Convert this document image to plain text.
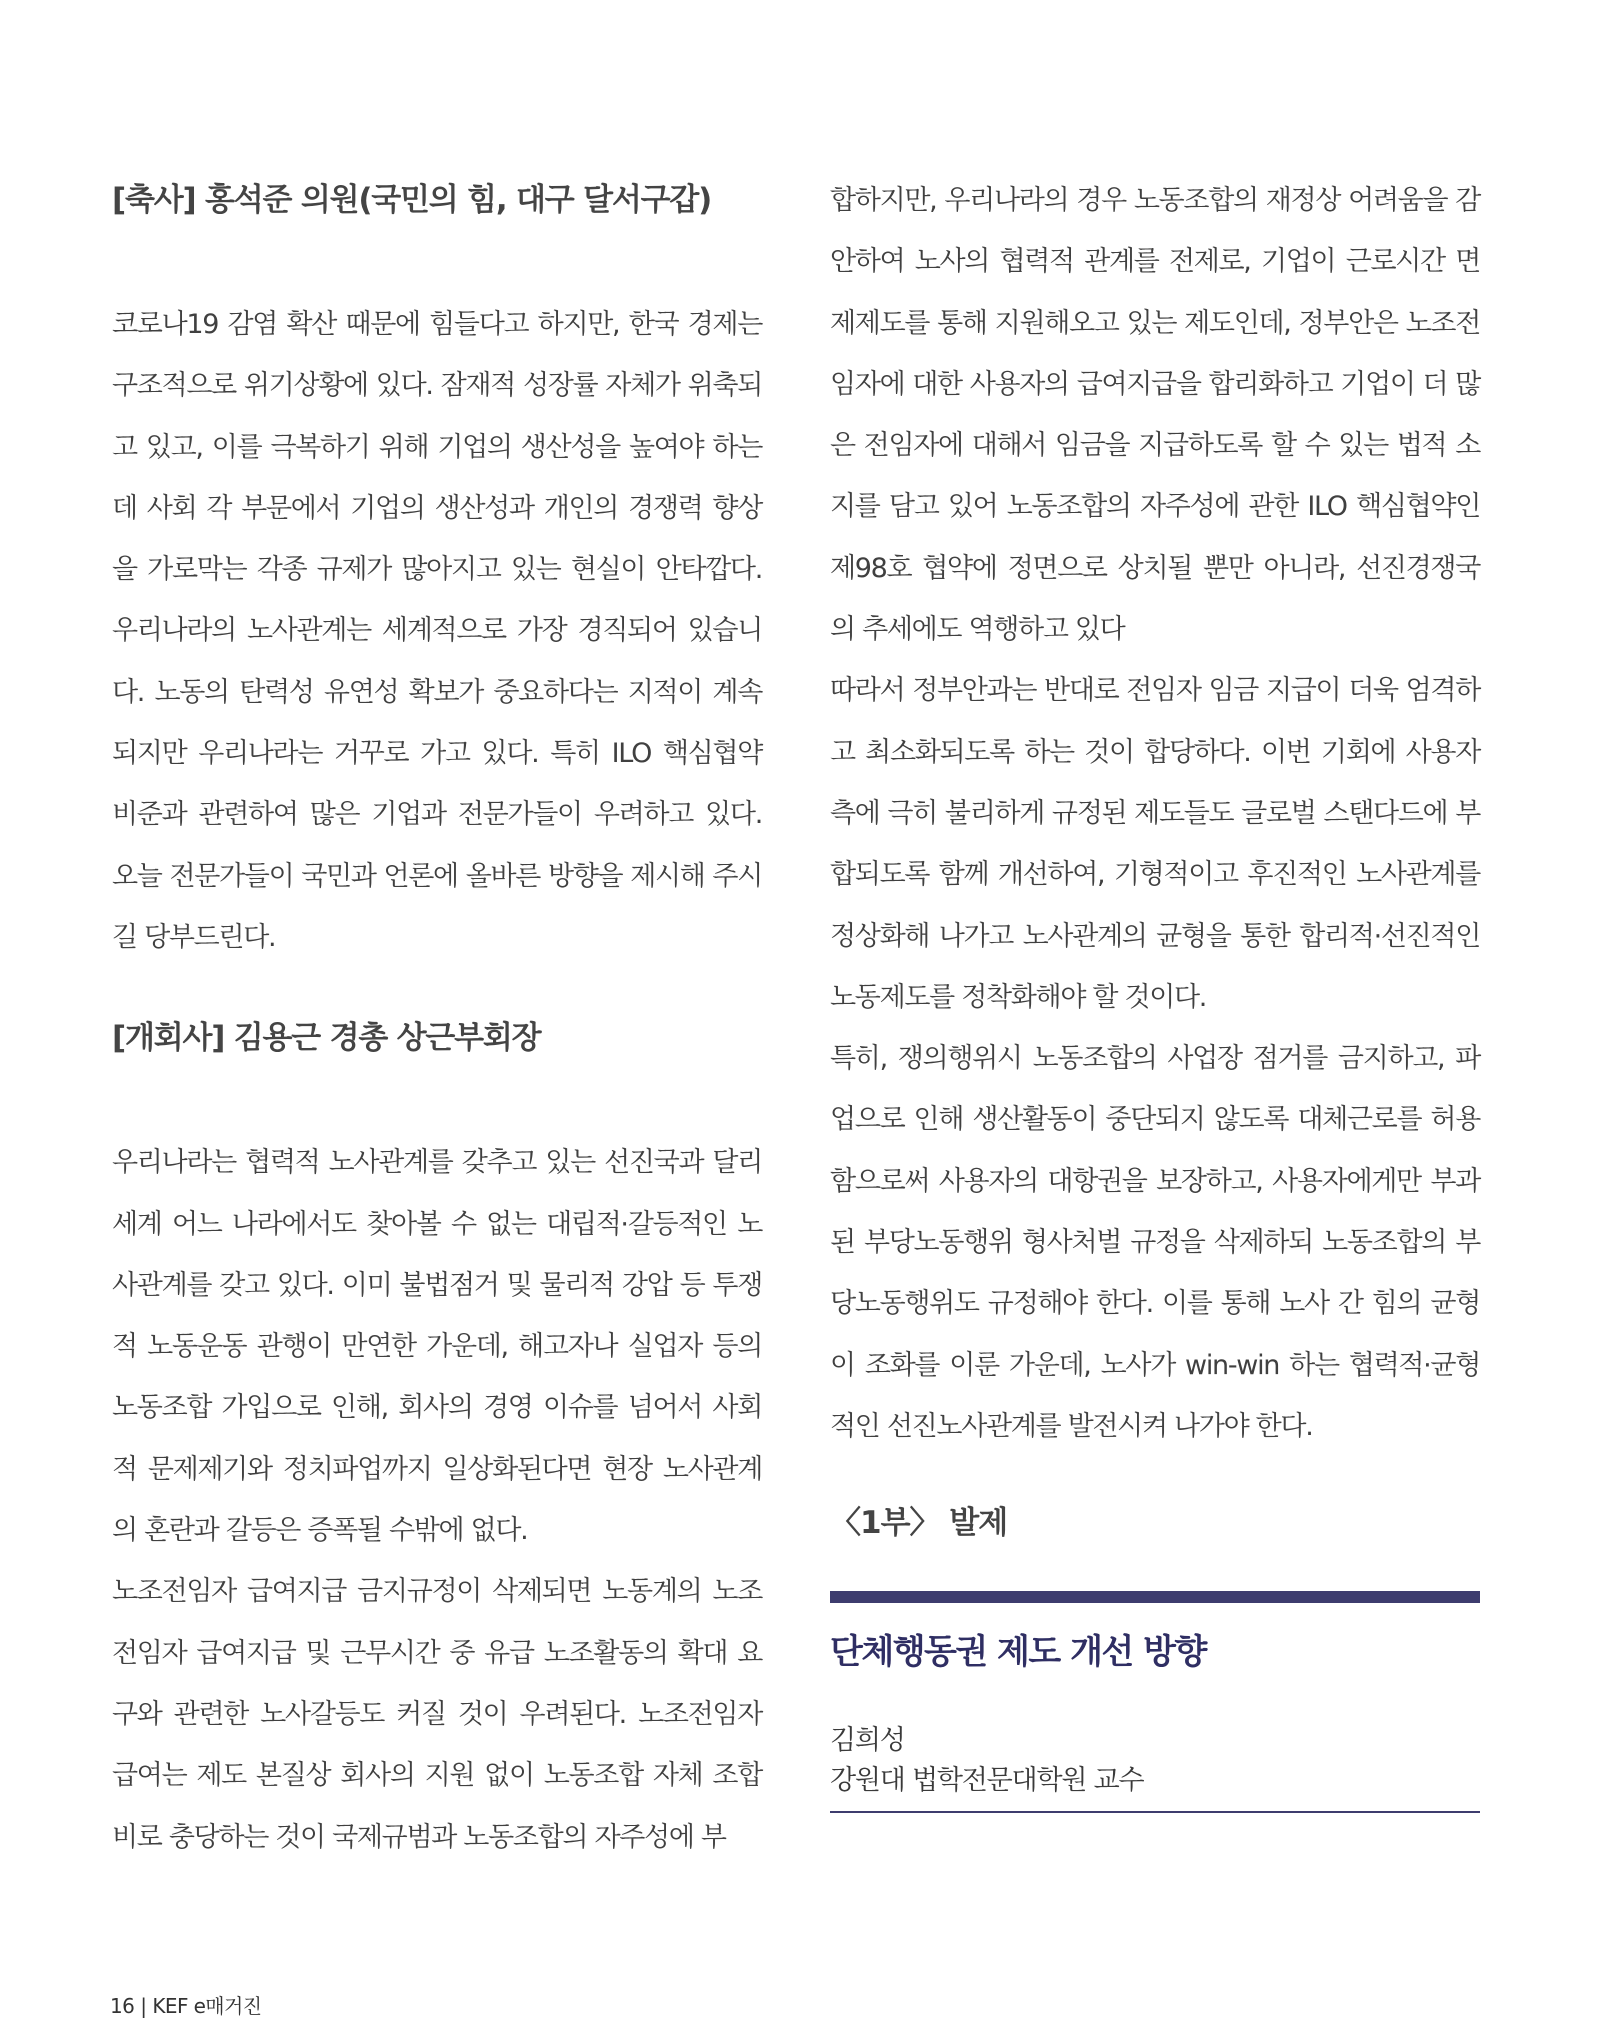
[축사] 홍석준 의원(국민의 힘, 대구 달서구갑)

코로나19 감염 확산 때문에 힘들다고 하지만, 한국 경제는 구조적으로 위기상황에 있다. 잠재적 성장률 자체가 위축되고 있고, 이를 극복하기 위해 기업의 생산성을 높여야 하는데 사회 각 부문에서 기업의 생산성과 개인의 경쟁력 향상을 가로막는 각종 규제가 많아지고 있는 현실이 안타깝다. 우리나라의 노사관계는 세계적으로 가장 경직되어 있습니다. 노동의 탄력성 유연성 확보가 중요하다는 지적이 계속되지만 우리나라는 거꾸로 가고 있다. 특히 ILO 핵심협약 비준과 관련하여 많은 기업과 전문가들이 우려하고 있다. 오늘 전문가들이 국민과 언론에 올바른 방향을 제시해 주시길 당부드린다.

[개회사] 김용근 경총 상근부회장

우리나라는 협력적 노사관계를 갖추고 있는 선진국과 달리 세계 어느 나라에서도 찾아볼 수 없는 대립적·갈등적인 노사관계를 갖고 있다. 이미 불법점거 및 물리적 강압 등 투쟁적 노동운동 관행이 만연한 가운데, 해고자나 실업자 등의 노동조합 가입으로 인해, 회사의 경영 이슈를 넘어서 사회적 문제제기와 정치파업까지 일상화된다면 현장 노사관계의 혼란과 갈등은 증폭될 수밖에 없다.

노조전임자 급여지급 금지규정이 삭제되면 노동계의 노조전임자 급여지급 및 근무시간 중 유급 노조활동의 확대 요구와 관련한 노사갈등도 커질 것이 우려된다. 노조전임자 급여는 제도 본질상 회사의 지원 없이 노동조합 자체 조합비로 충당하는 것이 국제규범과 노동조합의 자주성에 부

합하지만, 우리나라의 경우 노동조합의 재정상 어려움을 감안하여 노사의 협력적 관계를 전제로, 기업이 근로시간 면제제도를 통해 지원해오고 있는 제도인데, 정부안은 노조전임자에 대한 사용자의 급여지급을 합리화하고 기업이 더 많은 전임자에 대해서 임금을 지급하도록 할 수 있는 법적 소지를 담고 있어 노동조합의 자주성에 관한 ILO 핵심협약인 제98호 협약에 정면으로 상치될 뿐만 아니라, 선진경쟁국의 추세에도 역행하고 있다

따라서 정부안과는 반대로 전임자 임금 지급이 더욱 엄격하고 최소화되도록 하는 것이 합당하다. 이번 기회에 사용자 측에 극히 불리하게 규정된 제도들도 글로벌 스탠다드에 부합되도록 함께 개선하여, 기형적이고 후진적인 노사관계를 정상화해 나가고 노사관계의 균형을 통한 합리적·선진적인 노동제도를 정착화해야 할 것이다.

특히, 쟁의행위시 노동조합의 사업장 점거를 금지하고, 파업으로 인해 생산활동이 중단되지 않도록 대체근로를 허용함으로써 사용자의 대항권을 보장하고, 사용자에게만 부과된 부당노동행위 형사처벌 규정을 삭제하되 노동조합의 부당노동행위도 규정해야 한다. 이를 통해 노사 간 힘의 균형이 조화를 이룬 가운데, 노사가 win-win 하는 협력적·균형적인 선진노사관계를 발전시켜 나가야 한다.

〈1부〉 발제
단체행동권 제도 개선 방향

김희성

강원대 법학전문대학원 교수

16 | KEF e매거진
